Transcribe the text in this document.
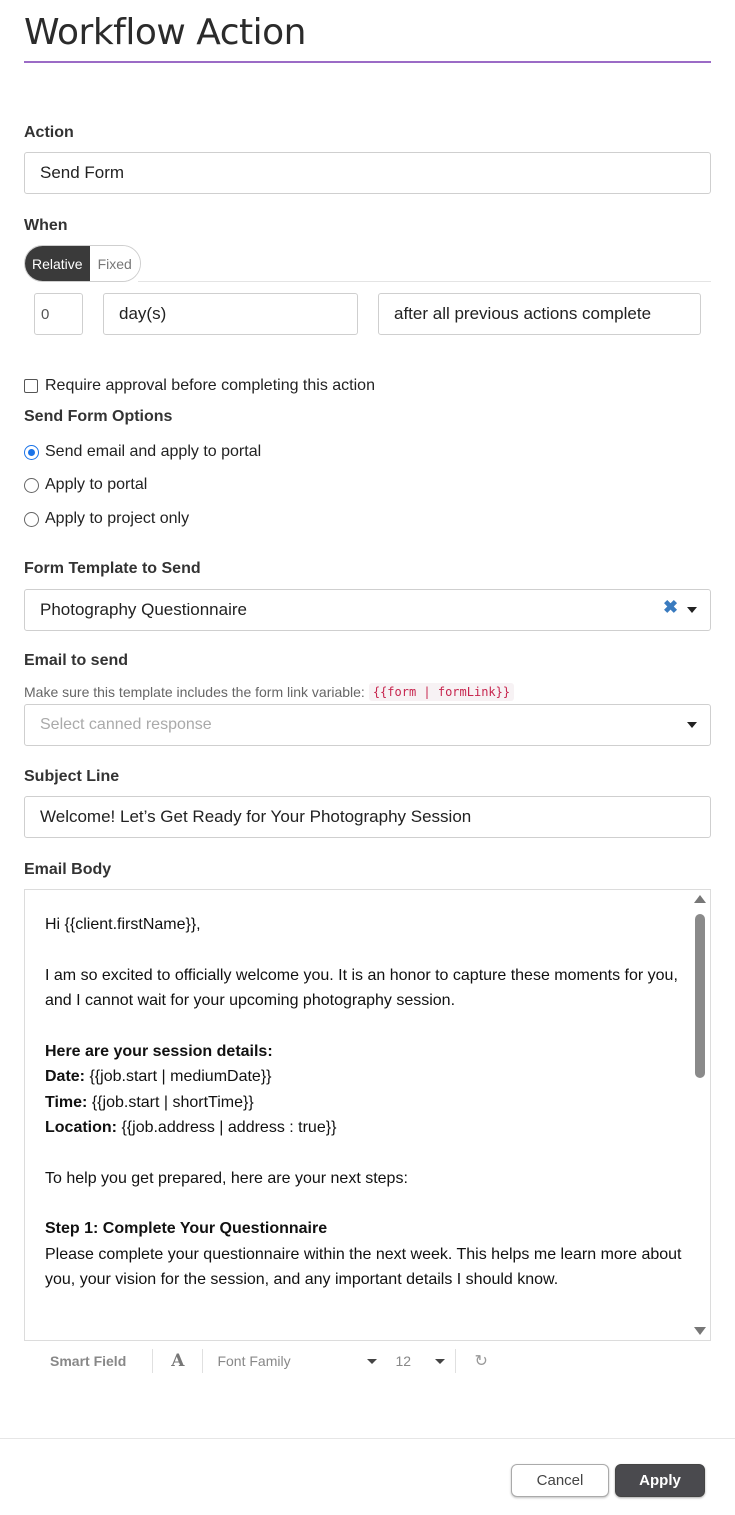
Workflow Action
Action
Send Form
When
Relative	Fixed
0	day(s)	after all previous actions complete
Require approval before completing this action
Send Form Options
Send email and apply to portal
Apply to portal
Apply to project only
Form Template to Send
Photography Questionnaire	✖
Email to send
Make sure this template includes the form link variable: {{form | formLink}}
Select canned response
Subject Line
Welcome! Let’s Get Ready for Your Photography Session
Email Body

Hi {{client.firstName}},

I am so excited to officially welcome you. It is an honor to capture these moments for you, and I cannot wait for your upcoming photography session.

Here are your session details:

Date: {{job.start | mediumDate}}

Time: {{job.start | shortTime}}

Location: {{job.address | address : true}}

To help you get prepared, here are your next steps:

Step 1: Complete Your Questionnaire

Please complete your questionnaire within the next week. This helps me learn more about you, your vision for the session, and any important details I should know.

Smart Field	A Font Family	12	↻
Cancel	Apply
